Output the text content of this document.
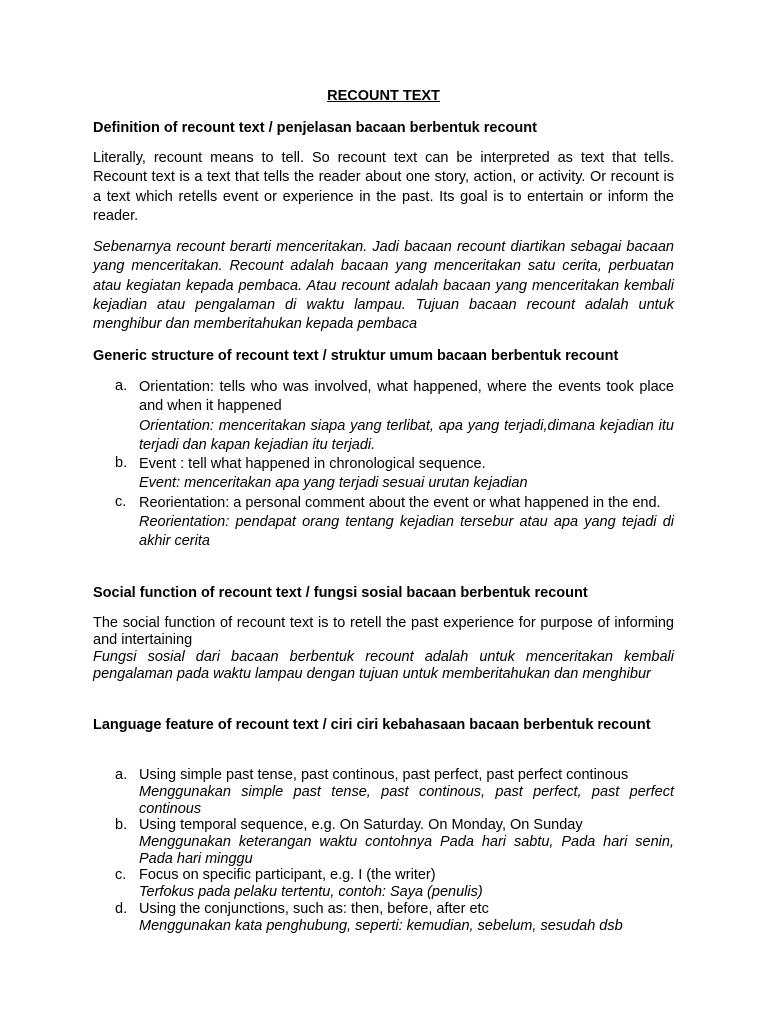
RECOUNT TEXT
Definition of recount text / penjelasan bacaan berbentuk recount
Literally, recount means to tell. So recount text can be interpreted as text that tells. Recount text is a text that tells the reader about one story, action, or activity. Or recount is a text which retells event or experience in the past. Its goal is to entertain or inform the reader.
Sebenarnya recount berarti menceritakan. Jadi bacaan recount diartikan sebagai bacaan yang menceritakan. Recount adalah bacaan yang menceritakan satu cerita, perbuatan atau kegiatan kepada pembaca. Atau recount adalah bacaan yang menceritakan kembali kejadian atau pengalaman di waktu lampau. Tujuan bacaan recount adalah untuk menghibur dan memberitahukan kepada pembaca
Generic structure of recount text / struktur umum bacaan berbentuk recount
a. Orientation: tells who was involved, what happened, where the events took place and when it happened
Orientation: menceritakan siapa yang terlibat, apa yang terjadi,dimana kejadian itu terjadi dan kapan kejadian itu terjadi.
b. Event : tell what happened in chronological sequence.
Event: menceritakan apa yang terjadi sesuai urutan kejadian
c. Reorientation: a personal comment about the event or what happened in the end.
Reorientation: pendapat orang tentang kejadian tersebur atau apa yang tejadi di akhir cerita
Social function of recount text / fungsi sosial bacaan berbentuk recount
The social function of recount text is to retell the past experience for purpose of informing and intertaining
Fungsi sosial dari bacaan berbentuk recount adalah untuk menceritakan kembali pengalaman pada waktu lampau dengan tujuan untuk memberitahukan dan menghibur
Language feature of recount text / ciri ciri kebahasaan bacaan berbentuk recount
a. Using simple past tense, past continous, past perfect, past perfect continous
Menggunakan simple past tense, past continous, past perfect, past perfect continous
b. Using temporal sequence, e.g. On Saturday. On Monday, On Sunday
Menggunakan keterangan waktu contohnya Pada hari sabtu, Pada hari senin, Pada hari minggu
c. Focus on specific participant, e.g. I (the writer)
Terfokus pada pelaku tertentu, contoh: Saya (penulis)
d. Using the conjunctions, such as: then, before, after etc
Menggunakan kata penghubung, seperti: kemudian, sebelum, sesudah dsb
